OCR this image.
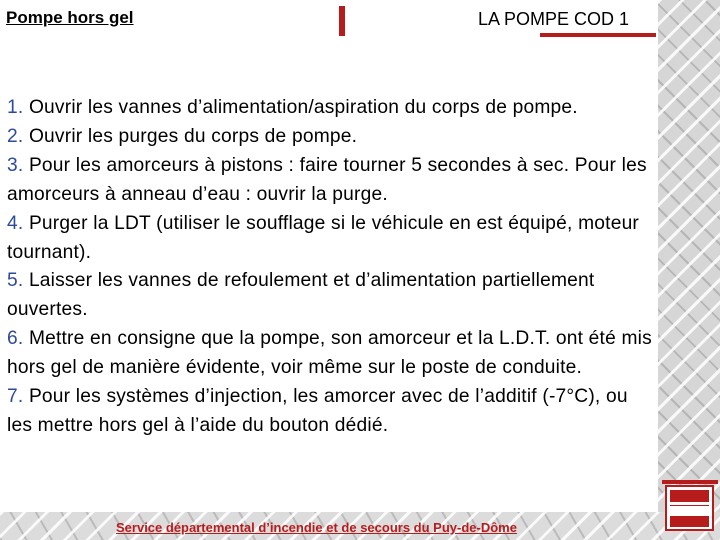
Pompe hors gel	LA POMPE COD 1
1. Ouvrir les vannes d’alimentation/aspiration du corps de pompe.
2. Ouvrir les purges du corps de pompe.
3. Pour les amorceurs à pistons : faire tourner 5 secondes à sec. Pour les amorceurs à anneau d’eau : ouvrir la purge.
4. Purger la LDT (utiliser le soufflage si le véhicule en est équipé, moteur tournant).
5. Laisser les vannes de refoulement et d’alimentation partiellement ouvertes.
6. Mettre en consigne que la pompe, son amorceur et la L.D.T. ont été mis hors gel de manière évidente, voir même sur le poste de conduite.
7. Pour les systèmes d’injection, les amorcer avec de l’additif (-7°C), ou les mettre hors gel à l’aide du bouton dédié.

Service départemental d’incendie et de secours du Puy-de-Dôme
